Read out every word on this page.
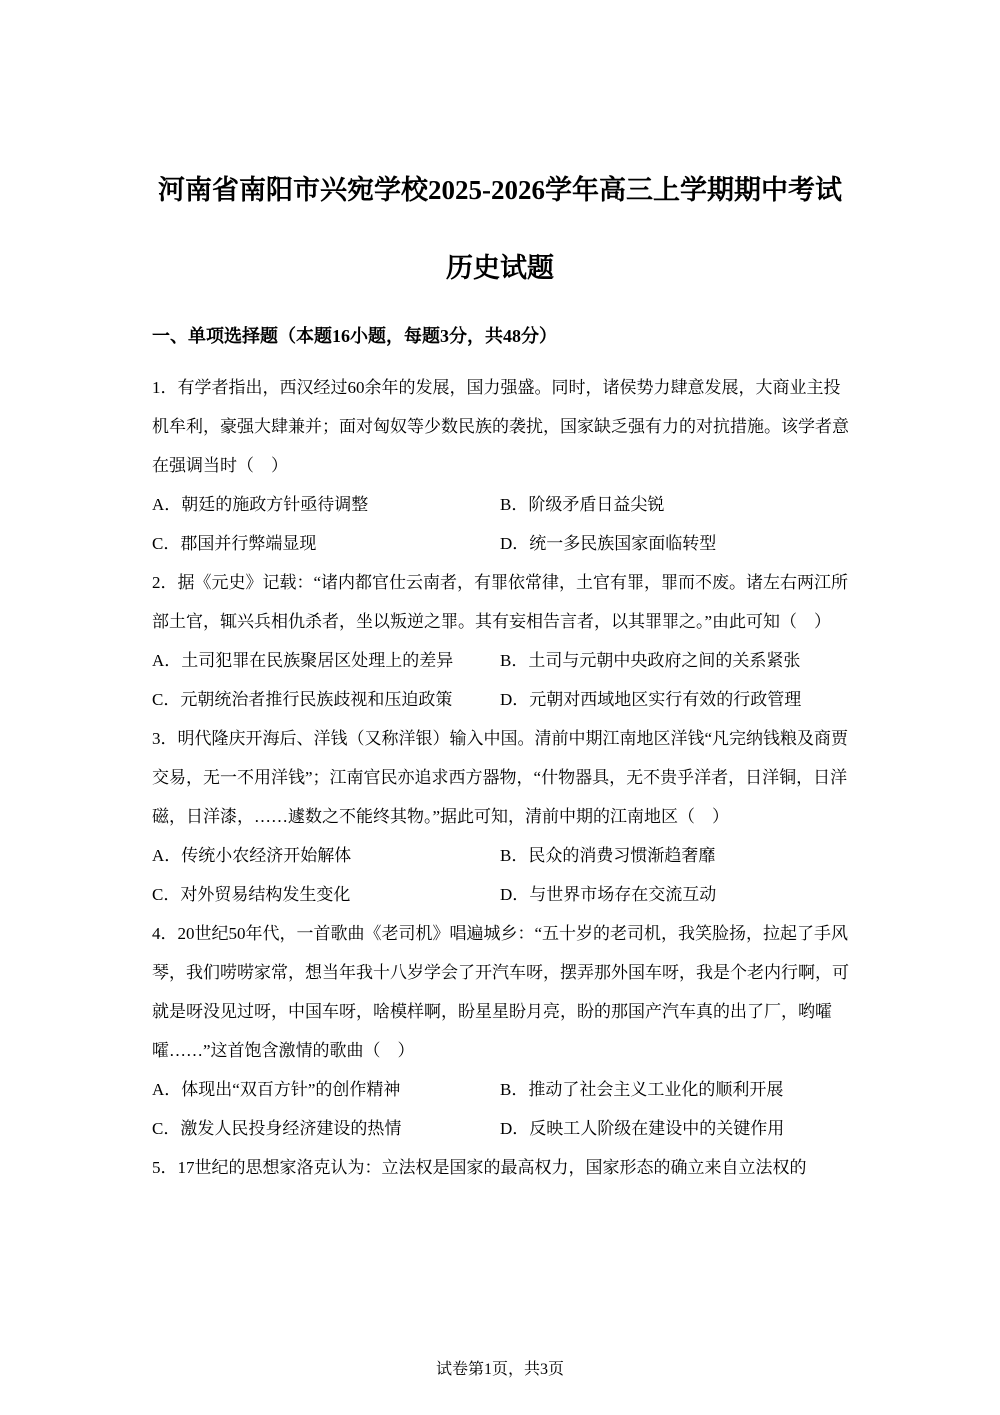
河南省南阳市兴宛学校2025-2026学年高三上学期期中考试
历史试题
一、单项选择题（本题16小题，每题3分，共48分）
1．有学者指出，西汉经过60余年的发展，国力强盛。同时，诸侯势力肆意发展，大商业主投机牟利，豪强大肆兼并；面对匈奴等少数民族的袭扰，国家缺乏强有力的对抗措施。该学者意在强调当时（　）
A．朝廷的施政方针亟待调整	B．阶级矛盾日益尖锐
C．郡国并行弊端显现	D．统一多民族国家面临转型
2．据《元史》记载：“诸内都官仕云南者，有罪依常律，土官有罪，罪而不废。诸左右两江所部土官，辄兴兵相仇杀者，坐以叛逆之罪。其有妄相告言者，以其罪罪之。”由此可知（　）
A．土司犯罪在民族聚居区处理上的差异	B．土司与元朝中央政府之间的关系紧张
C．元朝统治者推行民族歧视和压迫政策	D．元朝对西域地区实行有效的行政管理
3．明代隆庆开海后、洋钱（又称洋银）输入中国。清前中期江南地区洋钱“凡完纳钱粮及商贾交易，无一不用洋钱”；江南官民亦追求西方器物，“什物器具，无不贵乎洋者，日洋铜，日洋磁，日洋漆，……遽数之不能终其物。”据此可知，清前中期的江南地区（　）
A．传统小农经济开始解体	B．民众的消费习惯渐趋奢靡
C．对外贸易结构发生变化	D．与世界市场存在交流互动
4．20世纪50年代，一首歌曲《老司机》唱遍城乡：“五十岁的老司机，我笑脸扬，拉起了手风琴，我们唠唠家常，想当年我十八岁学会了开汽车呀，摆弄那外国车呀，我是个老内行啊，可就是呀没见过呀，中国车呀，啥模样啊，盼星星盼月亮，盼的那国产汽车真的出了厂，哟嚯嚯……”这首饱含激情的歌曲（　）
A．体现出“双百方针”的创作精神	B．推动了社会主义工业化的顺利开展
C．激发人民投身经济建设的热情	D．反映工人阶级在建设中的关键作用
5．17世纪的思想家洛克认为：立法权是国家的最高权力，国家形态的确立来自立法权的
试卷第1页，共3页
